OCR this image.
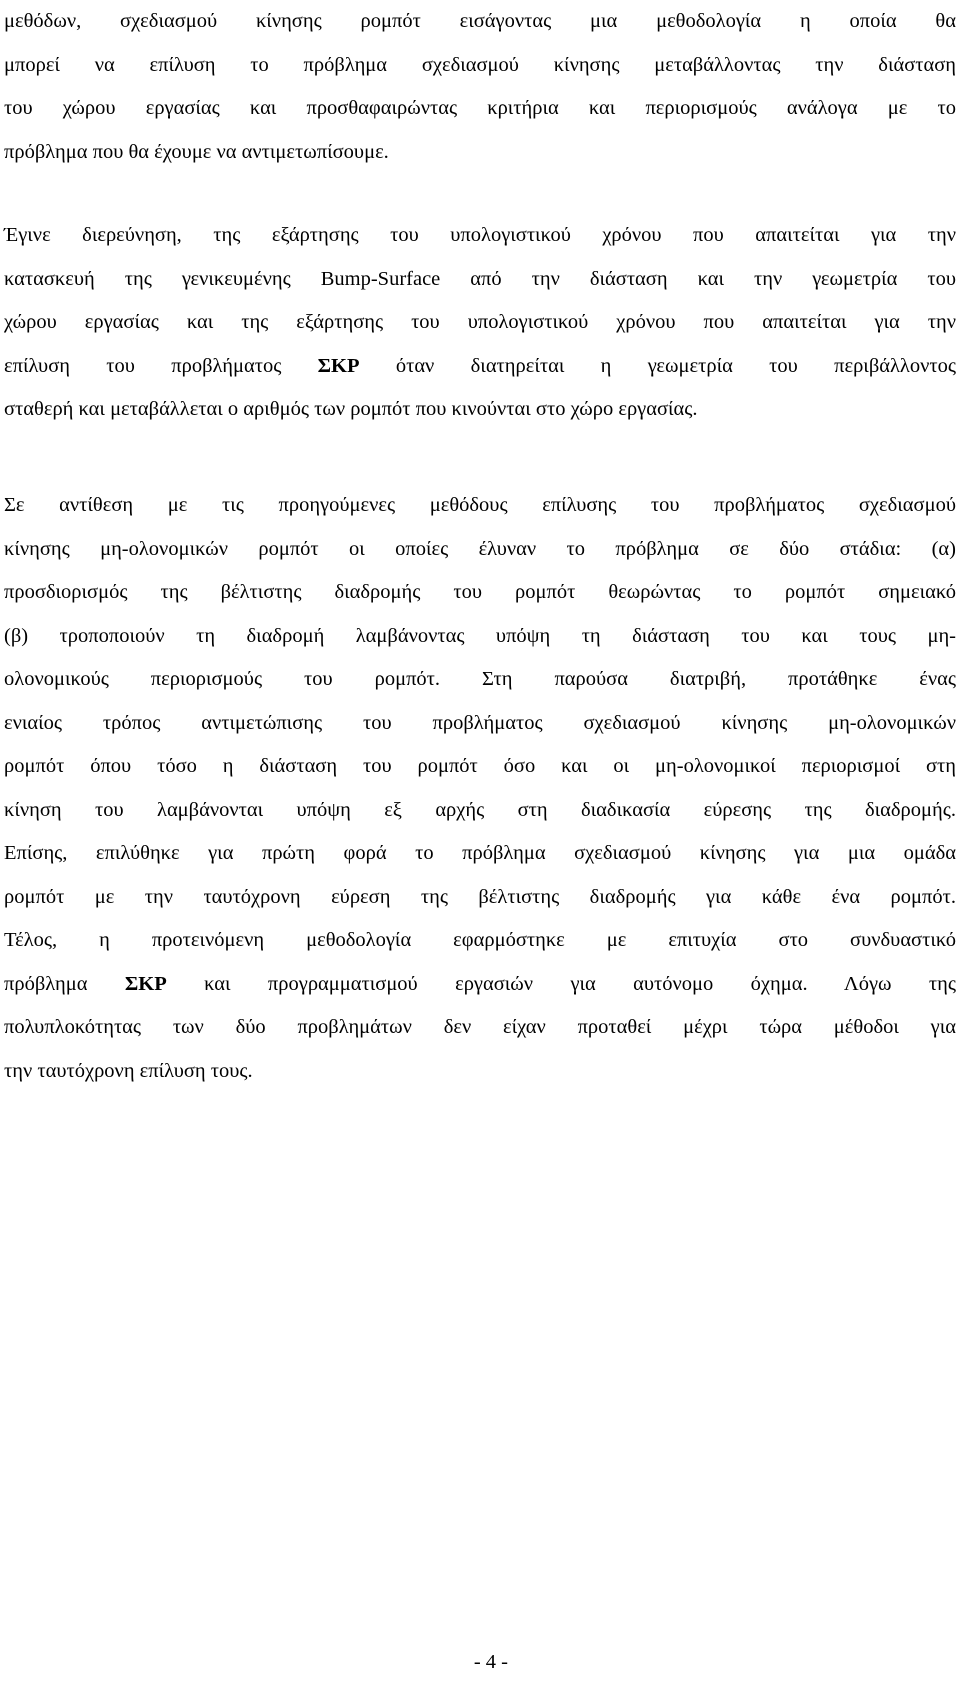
μεθόδων, σχεδιασμού κίνησης ρομπότ εισάγοντας μια μεθοδολογία η οποία θα
μπορεί να επίλυση το πρόβλημα σχεδιασμού κίνησης μεταβάλλοντας την διάσταση
του χώρου εργασίας και προσθαφαιρώντας κριτήρια και περιορισμούς ανάλογα με το
πρόβλημα που θα έχουμε να αντιμετωπίσουμε.

Έγινε διερεύνηση, της εξάρτησης του υπολογιστικού χρόνου που απαιτείται για την
κατασκευή της γενικευμένης Bump-Surface από την διάσταση και την γεωμετρία του
χώρου εργασίας και της εξάρτησης του υπολογιστικού χρόνου που απαιτείται για την
επίλυση του προβλήματος ΣΚΡ όταν διατηρείται η γεωμετρία του περιβάλλοντος
σταθερή και μεταβάλλεται ο αριθμός των ρομπότ που κινούνται στο χώρο εργασίας.

Σε αντίθεση με τις προηγούμενες μεθόδους επίλυσης του προβλήματος σχεδιασμού
κίνησης μη-ολονομικών ρομπότ οι οποίες έλυναν το πρόβλημα σε δύο στάδια: (α)
προσδιορισμός της βέλτιστης διαδρομής του ρομπότ θεωρώντας το ρομπότ σημειακό
(β) τροποποιούν τη διαδρομή λαμβάνοντας υπόψη τη διάσταση του και τους μη-
ολονομικούς περιορισμούς του ρομπότ. Στη παρούσα διατριβή, προτάθηκε ένας
ενιαίος τρόπος αντιμετώπισης του προβλήματος σχεδιασμού κίνησης μη-ολονομικών
ρομπότ όπου τόσο η διάσταση του ρομπότ όσο και οι μη-ολονομικοί περιορισμοί στη
κίνηση του λαμβάνονται υπόψη εξ αρχής στη διαδικασία εύρεσης της διαδρομής.
Επίσης, επιλύθηκε για πρώτη φορά το πρόβλημα σχεδιασμού κίνησης για μια ομάδα
ρομπότ με την ταυτόχρονη εύρεση της βέλτιστης διαδρομής για κάθε ένα ρομπότ.
Τέλος, η προτεινόμενη μεθοδολογία εφαρμόστηκε με επιτυχία στο συνδυαστικό
πρόβλημα ΣΚΡ και προγραμματισμού εργασιών για αυτόνομο όχημα. Λόγω της
πολυπλοκότητας των δύο προβλημάτων δεν είχαν προταθεί μέχρι τώρα μέθοδοι για
την ταυτόχρονη επίλυση τους.

- 4 -
